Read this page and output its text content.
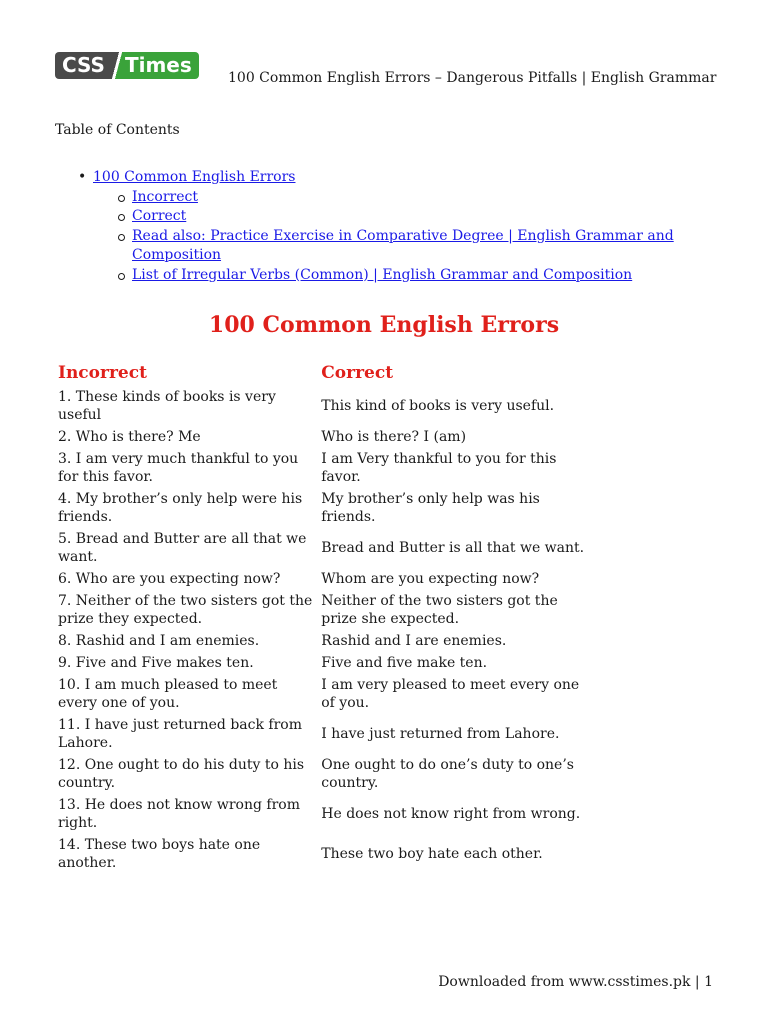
CSS	Times
100 Common English Errors – Dangerous Pitfalls | English Grammar
Table of Contents
• 100 Common English Errors
Incorrect
Correct
Read also: Practice Exercise in Comparative Degree | English Grammar and Composition
List of Irregular Verbs (Common) | English Grammar and Composition
100 Common English Errors
Incorrect	Correct
1. These kinds of books is very useful	This kind of books is very useful.
2. Who is there? Me	Who is there? I (am)
3. I am very much thankful to you for this favor.	I am Very thankful to you for this favor.
4. My brother’s only help were his friends.	My brother’s only help was his friends.
5. Bread and Butter are all that we want.	Bread and Butter is all that we want.
6. Who are you expecting now?	Whom are you expecting now?
7. Neither of the two sisters got the prize they expected.	Neither of the two sisters got the prize she expected.
8. Rashid and I am enemies.	Rashid and I are enemies.
9. Five and Five makes ten.	Five and five make ten.
10. I am much pleased to meet every one of you.	I am very pleased to meet every one of you.
11. I have just returned back from Lahore.	I have just returned from Lahore.
12. One ought to do his duty to his country.	One ought to do one’s duty to one’s country.
13. He does not know wrong from right.	He does not know right from wrong.
14. These two boys hate one another.	These two boy hate each other.
Downloaded from www.csstimes.pk | 1
